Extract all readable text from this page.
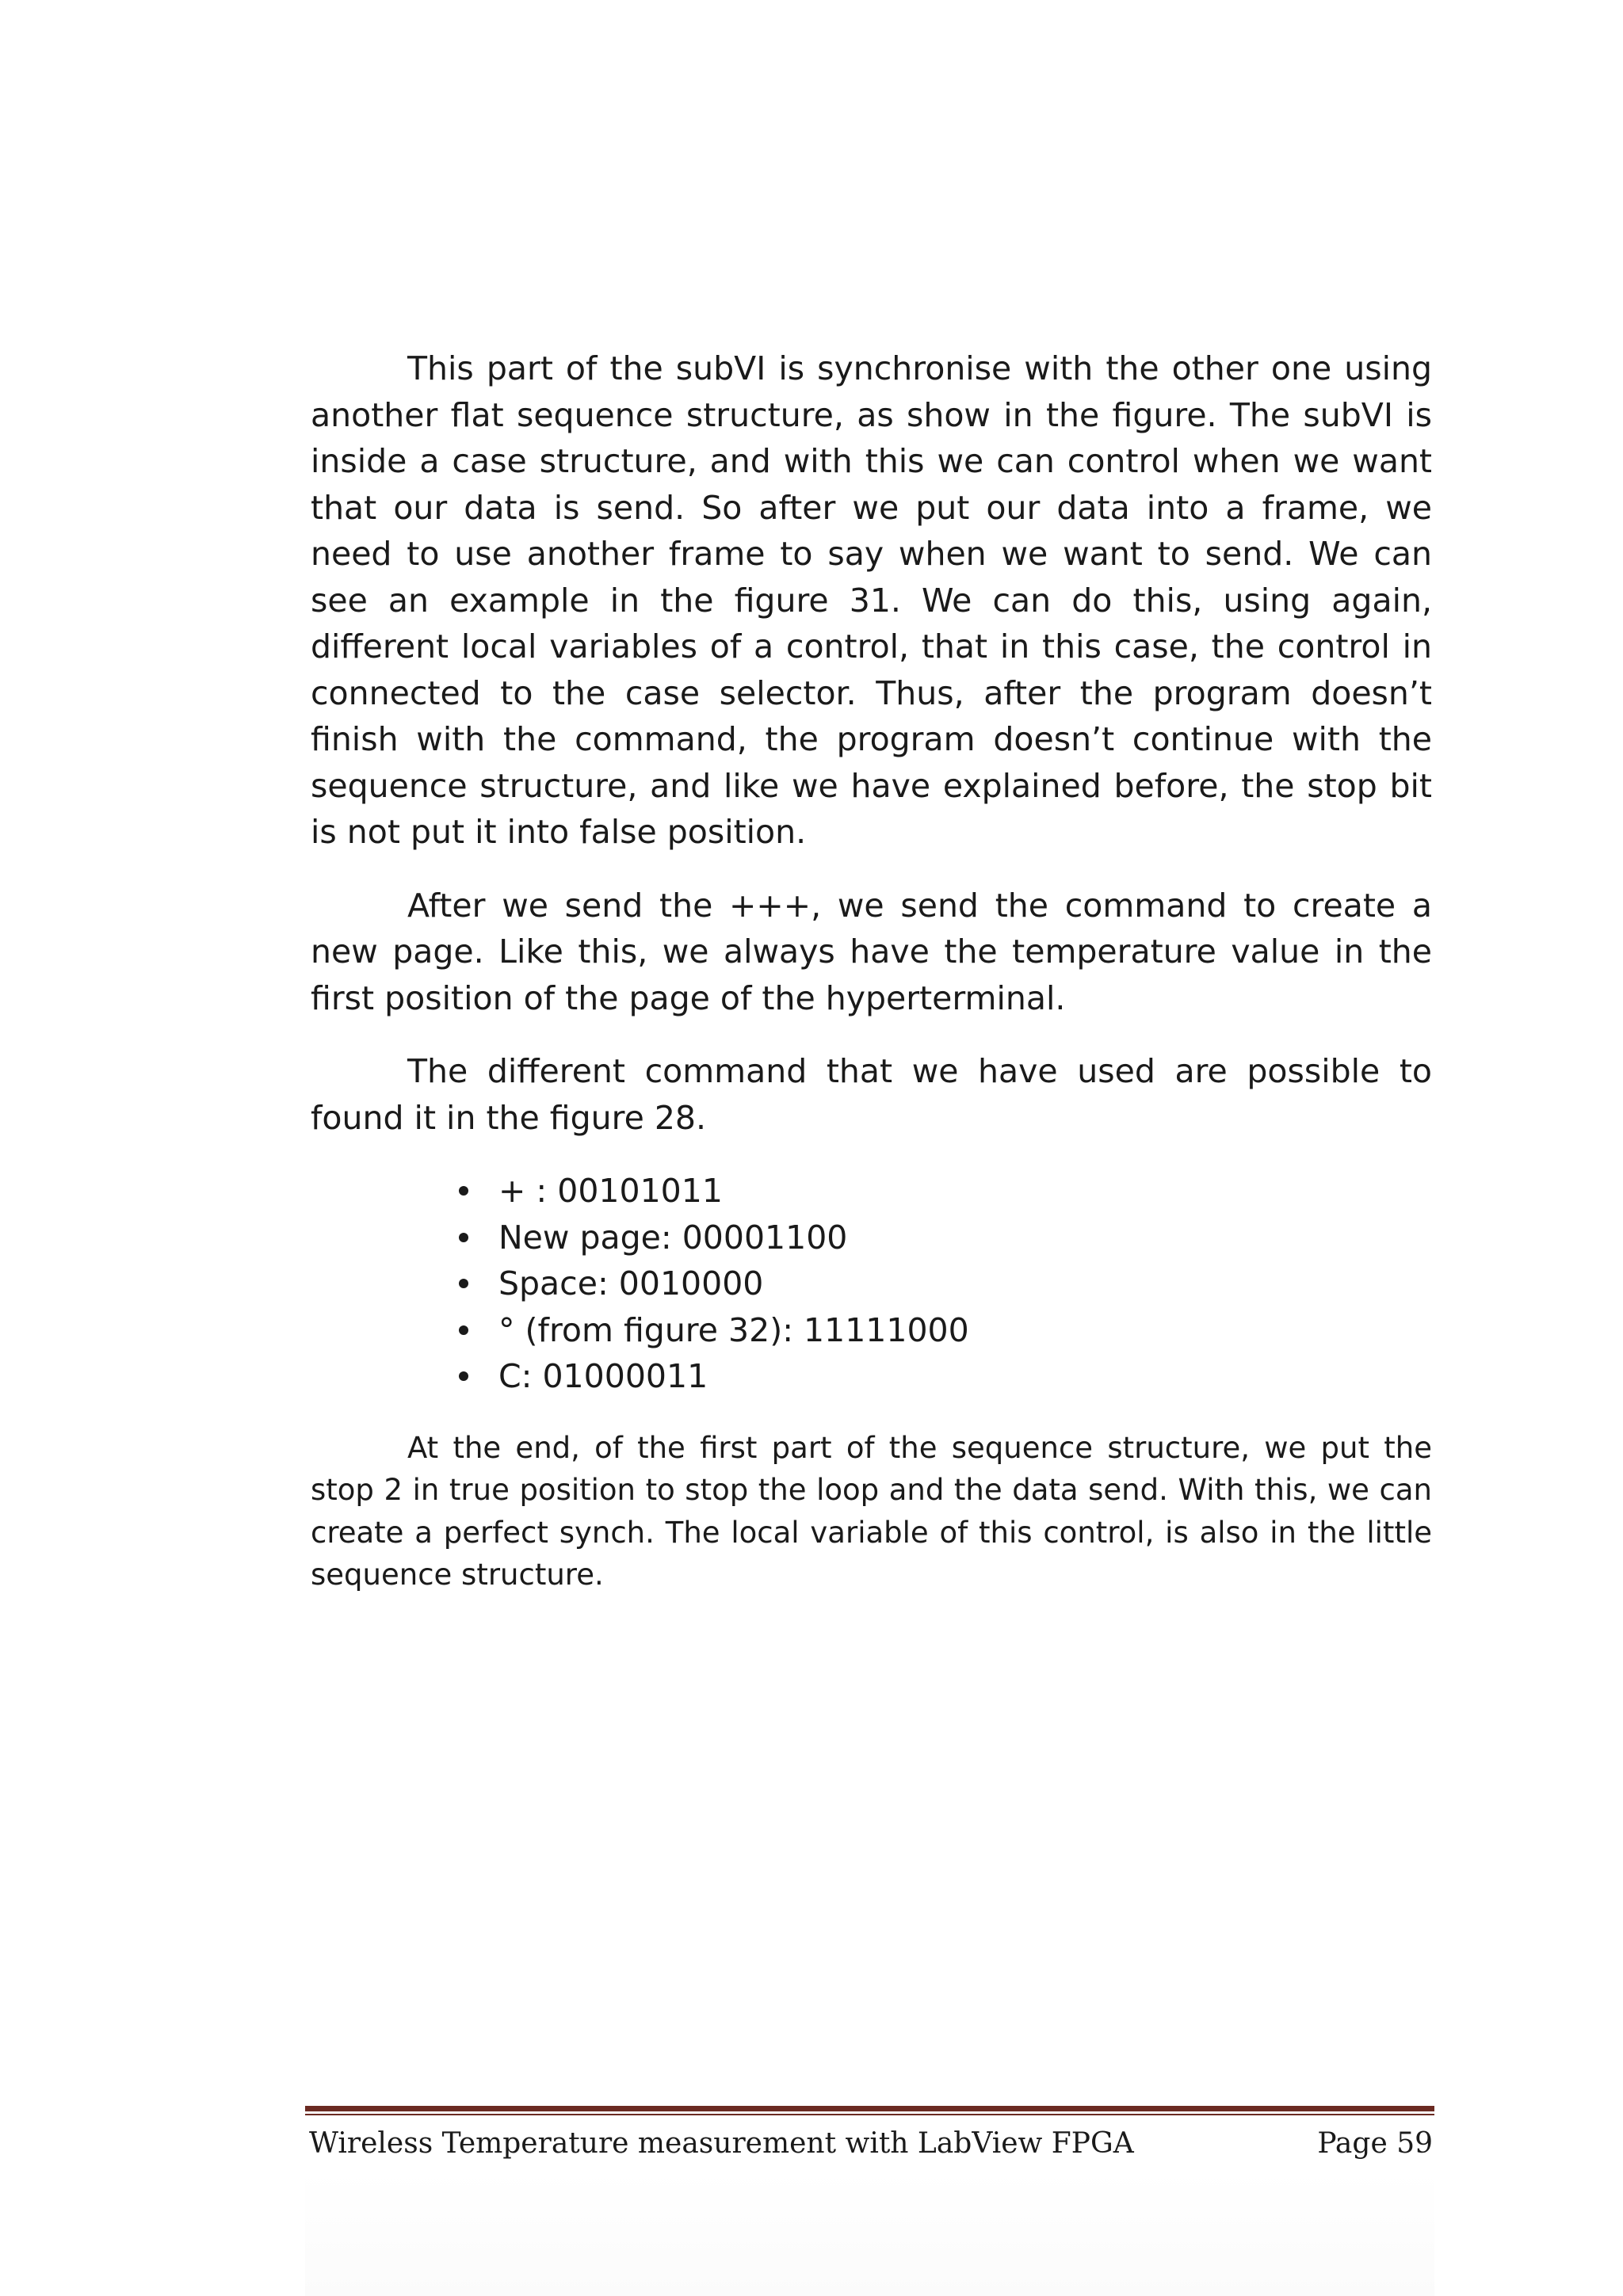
This part of the subVI is synchronise with the other one using another flat sequence structure, as show in the figure. The subVI is inside a case structure, and with this we can control when we want that our data is send. So after we put our data into a frame, we need to use another frame to say when we want to send. We can see an example in the figure 31. We can do this, using again, different local variables of a control, that in this case, the control in connected to the case selector. Thus, after the program doesn’t finish with the command, the program doesn’t continue with the sequence structure, and like we have explained before, the stop bit is not put it into false position.

After we send the +++, we send the command to create a new page. Like this, we always have the temperature value in the first position of the page of the hyperterminal.

The different command that we have used are possible to found it in the figure 28.

+ : 00101011
New page: 00001100
Space: 0010000
° (from figure 32): 11111000
C: 01000011

At the end, of the first part of the sequence structure, we put the stop 2 in true position to stop the loop and the data send. With this, we can create a perfect synch. The local variable of this control, is also in the little sequence structure.

Wireless Temperature measurement with LabView FPGA	Page 59
